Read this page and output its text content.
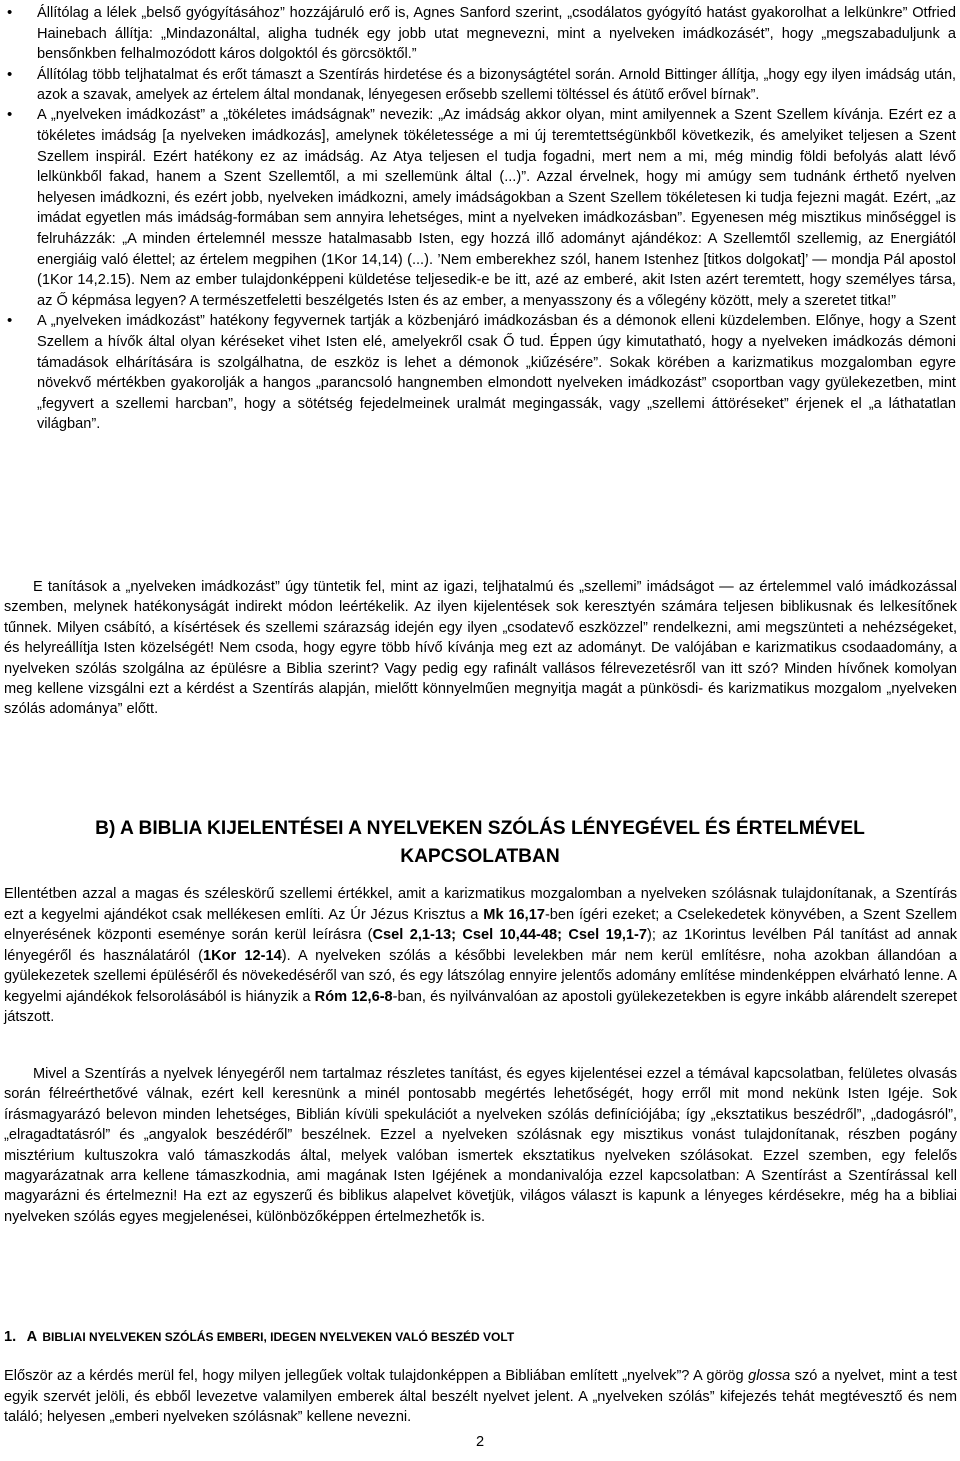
• Állítólag a lélek „belső gyógyításához” hozzájáruló erő is, Agnes Sanford szerint, „csodálatos gyógyító hatást gyakorolhat a lelkünkre” Otfried Hainebach állítja: „Mindazonáltal, aligha tudnék egy jobb utat megnevezni, mint a nyelveken imádkozásét”, hogy „megszabaduljunk a bensőnkben felhalmozódott káros dolgoktól és görcsöktől.”
• Állítólag több teljhatalmat és erőt támaszt a Szentírás hirdetése és a bizonyságtétel során. Arnold Bittinger állítja, „hogy egy ilyen imádság után, azok a szavak, amelyek az értelem által mondanak, lényegesen erősebb szellemi töltéssel és átütő erővel bírnak”.
• A „nyelveken imádkozást” a „tökéletes imádságnak” nevezik: „Az imádság akkor olyan, mint amilyennek a Szent Szellem kívánja. Ezért ez a tökéletes imádság [a nyelveken imádkozás], amelynek tökéletessége a mi új teremtettségünkből következik, és amelyiket teljesen a Szent Szellem inspirál. Ezért hatékony ez az imádság. Az Atya teljesen el tudja fogadni, mert nem a mi, még mindig földi befolyás alatt lévő lelkünkből fakad, hanem a Szent Szellemtől, a mi szellemünk által (...)”. Azzal érvelnek, hogy mi amúgy sem tudnánk érthető nyelven helyesen imádkozni, és ezért jobb, nyelveken imádkozni, amely imádságokban a Szent Szellem tökéletesen ki tudja fejezni magát. Ezért, „az imádat egyetlen más imádság-formában sem annyira lehetséges, mint a nyelveken imádkozásban”. Egyenesen még misztikus minőséggel is felruházzák: „A minden értelemnél messze hatalmasabb Isten, egy hozzá illő adományt ajándékoz: A Szellemtől szellemig, az Energiától energiáig való élettel; az értelem megpihen (1Kor 14,14) (...). ’Nem emberekhez szól, hanem Istenhez [titkos dolgokat]’ ― mondja Pál apostol (1Kor 14,2.15). Nem az ember tulajdonképpeni küldetése teljesedik-e be itt, azé az emberé, akit Isten azért teremtett, hogy személyes társa, az Ő képmása legyen? A természetfeletti beszélgetés Isten és az ember, a menyasszony és a vőlegény között, mely a szeretet titka!”
• A „nyelveken imádkozást” hatékony fegyvernek tartják a közbenjáró imádkozásban és a démonok elleni küzdelemben. Előnye, hogy a Szent Szellem a hívők által olyan kéréseket vihet Isten elé, amelyekről csak Ő tud. Éppen úgy kimutatható, hogy a nyelveken imádkozás démoni támadások elhárítására is szolgálhatna, de eszköz is lehet a démonok „kiűzésére”. Sokak körében a karizmatikus mozgalomban egyre növekvő mértékben gyakorolják a hangos „parancsoló hangnemben elmondott nyelveken imádkozást” csoportban vagy gyülekezetben, mint „fegyvert a szellemi harcban”, hogy a sötétség fejedelmeinek uralmát megingassák, vagy „szellemi áttöréseket” érjenek el „a láthatatlan világban”.

E tanítások a „nyelveken imádkozást” úgy tüntetik fel, mint az igazi, teljhatalmú és „szellemi” imádságot ― az értelemmel való imádkozással szemben, melynek hatékonyságát indirekt módon leértékelik. Az ilyen kijelentések sok keresztyén számára teljesen biblikusnak és lelkesítőnek tűnnek. Milyen csábító, a kísértések és szellemi szárazság idején egy ilyen „csodatevő eszközzel” rendelkezni, ami megszünteti a nehézségeket, és helyreállítja Isten közelségét! Nem csoda, hogy egyre több hívő kívánja meg ezt az adományt. De valójában e karizmatikus csodaadomány, a nyelveken szólás szolgálna az épülésre a Biblia szerint? Vagy pedig egy rafinált vallásos félrevezetésről van itt szó? Minden hívőnek komolyan meg kellene vizsgálni ezt a kérdést a Szentírás alapján, mielőtt könnyelműen megnyitja magát a pünkösdi- és karizmatikus mozgalom „nyelveken szólás adománya” előtt.

B) A BIBLIA KIJELENTÉSEI A NYELVEKEN SZÓLÁS LÉNYEGÉVEL ÉS ÉRTELMÉVEL
KAPCSOLATBAN

Ellentétben azzal a magas és széleskörű szellemi értékkel, amit a karizmatikus mozgalomban a nyelveken szólásnak tulajdonítanak, a Szentírás ezt a kegyelmi ajándékot csak mellékesen említi. Az Úr Jézus Krisztus a Mk 16,17-ben ígéri ezeket; a Cselekedetek könyvében, a Szent Szellem elnyerésének központi eseménye során kerül leírásra (Csel 2,1-13; Csel 10,44-48; Csel 19,1-7); az 1Korintus levélben Pál tanítást ad annak lényegéről és használatáról (1Kor 12-14). A nyelveken szólás a későbbi levelekben már nem kerül említésre, noha azokban állandóan a gyülekezetek szellemi épüléséről és növekedéséről van szó, és egy látszólag ennyire jelentős adomány említése mindenképpen elvárható lenne. A kegyelmi ajándékok felsorolásából is hiányzik a Róm 12,6-8-ban, és nyilvánvalóan az apostoli gyülekezetekben is egyre inkább alárendelt szerepet játszott.

Mivel a Szentírás a nyelvek lényegéről nem tartalmaz részletes tanítást, és egyes kijelentései ezzel a témával kapcsolatban, felületes olvasás során félreérthetővé válnak, ezért kell keresnünk a minél pontosabb megértés lehetőségét, hogy erről mit mond nekünk Isten Igéje. Sok írásmagyarázó belevon minden lehetséges, Biblián kívüli spekulációt a nyelveken szólás definíciójába; így „eksztatikus beszédről”, „dadogásról”, „elragadtatásról” és „angyalok beszédéről” beszélnek. Ezzel a nyelveken szólásnak egy misztikus vonást tulajdonítanak, részben pogány misztérium kultuszokra való támaszkodás által, melyek valóban ismertek eksztatikus nyelveken szólásokat. Ezzel szemben, egy felelős magyarázatnak arra kellene támaszkodnia, ami magának Isten Igéjének a mondanivalója ezzel kapcsolatban: A Szentírást a Szentírással kell magyarázni és értelmezni! Ha ezt az egyszerű és biblikus alapelvet követjük, világos választ is kapunk a lényeges kérdésekre, még ha a bibliai nyelveken szólás egyes megjelenései, különbözőképpen értelmezhetők is.

1. A BIBLIAI NYELVEKEN SZÓLÁS EMBERI, IDEGEN NYELVEKEN VALÓ BESZÉD VOLT

Először az a kérdés merül fel, hogy milyen jellegűek voltak tulajdonképpen a Bibliában említett „nyelvek”? A görög glossa szó a nyelvet, mint a test egyik szervét jelöli, és ebből levezetve valamilyen emberek által beszélt nyelvet jelent. A „nyelveken szólás” kifejezés tehát megtévesztő és nem találó; helyesen „emberi nyelveken szólásnak” kellene nevezni.

2
